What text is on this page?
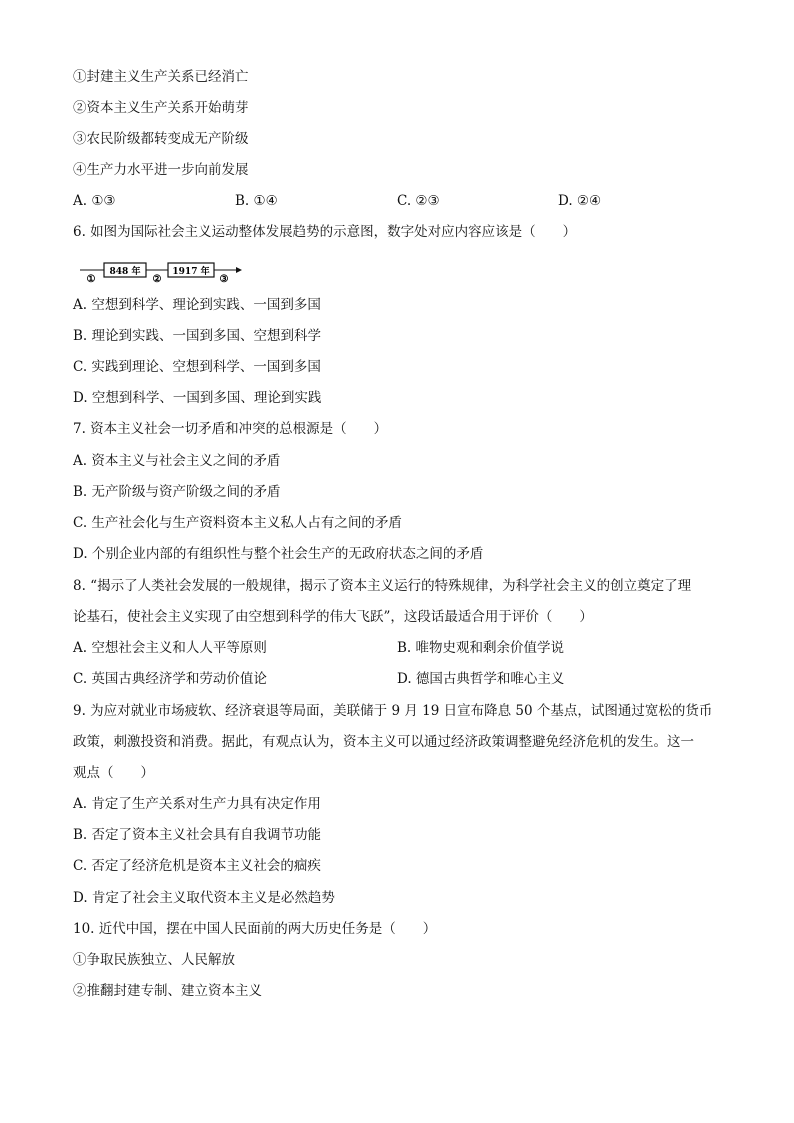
①封建主义生产关系已经消亡
②资本主义生产关系开始萌芽
③农民阶级都转变成无产阶级
④生产力水平进一步向前发展
A. ①③	B. ①④	C. ②③	D. ②④
6. 如图为国际社会主义运动整体发展趋势的示意图，数字处对应内容应该是（　　）
①
848 年
②
1917 年
③
A. 空想到科学、理论到实践、一国到多国
B. 理论到实践、一国到多国、空想到科学
C. 实践到理论、空想到科学、一国到多国
D. 空想到科学、一国到多国、理论到实践
7. 资本主义社会一切矛盾和冲突的总根源是（　　）
A. 资本主义与社会主义之间的矛盾
B. 无产阶级与资产阶级之间的矛盾
C. 生产社会化与生产资料资本主义私人占有之间的矛盾
D. 个别企业内部的有组织性与整个社会生产的无政府状态之间的矛盾
8. “揭示了人类社会发展的一般规律，揭示了资本主义运行的特殊规律，为科学社会主义的创立奠定了理
论基石，使社会主义实现了由空想到科学的伟大飞跃”，这段话最适合用于评价（　　）
A. 空想社会主义和人人平等原则	B. 唯物史观和剩余价值学说
C. 英国古典经济学和劳动价值论	D. 德国古典哲学和唯心主义
9. 为应对就业市场疲软、经济衰退等局面，美联储于 9 月 19 日宣布降息 50 个基点，试图通过宽松的货币
政策，刺激投资和消费。据此，有观点认为，资本主义可以通过经济政策调整避免经济危机的发生。这一
观点（　　）
A. 肯定了生产关系对生产力具有决定作用
B. 否定了资本主义社会具有自我调节功能
C. 否定了经济危机是资本主义社会的痼疾
D. 肯定了社会主义取代资本主义是必然趋势
10. 近代中国，摆在中国人民面前的两大历史任务是（　　）
①争取民族独立、人民解放
②推翻封建专制、建立资本主义
